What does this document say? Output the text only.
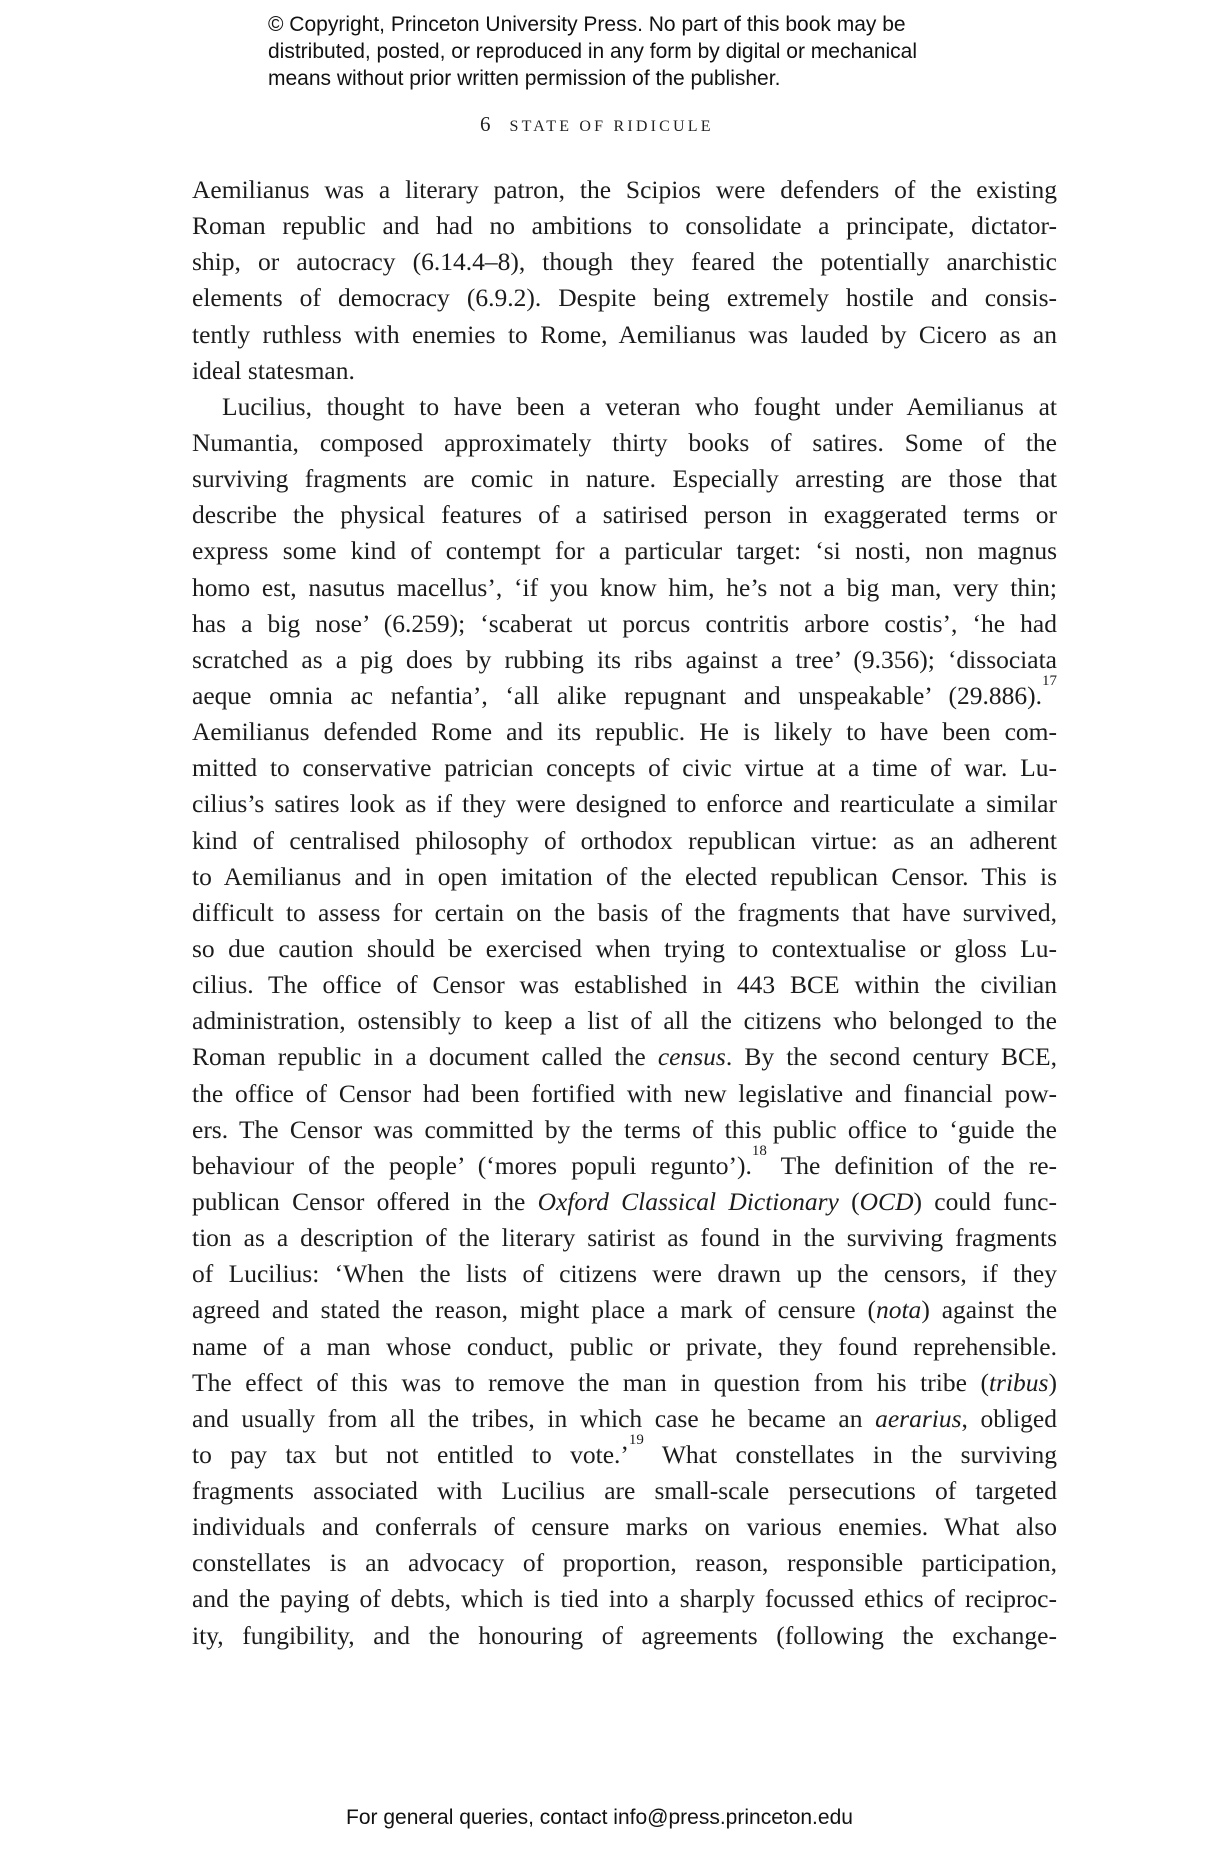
© Copyright, Princeton University Press. No part of this book may be
distributed, posted, or reproduced in any form by digital or mechanical
means without prior written permission of the publisher.
6 STATE OF RIDICULE
Aemilianus was a literary patron, the Scipios were defenders of the existing
Roman republic and had no ambitions to consolidate a principate, dictator-
ship, or autocracy (6.14.4–8), though they feared the potentially anarchistic
elements of democracy (6.9.2). Despite being extremely hostile and consis-
tently ruthless with enemies to Rome, Aemilianus was lauded by Cicero as an
ideal statesman.
Lucilius, thought to have been a veteran who fought under Aemilianus at
Numantia, composed approximately thirty books of satires. Some of the
surviving fragments are comic in nature. Especially arresting are those that
describe the physical features of a satirised person in exaggerated terms or
express some kind of contempt for a particular target: ‘si nosti, non magnus
homo est, nasutus macellus’, ‘if you know him, he’s not a big man, very thin;
has a big nose’ (6.259); ‘scaberat ut porcus contritis arbore costis’, ‘he had
scratched as a pig does by rubbing its ribs against a tree’ (9.356); ‘dissociata
aeque omnia ac nefantia’, ‘all alike repugnant and unspeakable’ (29.886).$^{17}$
Aemilianus defended Rome and its republic. He is likely to have been com-
mitted to conservative patrician concepts of civic virtue at a time of war. Lu-
cilius’s satires look as if they were designed to enforce and rearticulate a similar
kind of centralised philosophy of orthodox republican virtue: as an adherent
to Aemilianus and in open imitation of the elected republican Censor. This is
difficult to assess for certain on the basis of the fragments that have survived,
so due caution should be exercised when trying to contextualise or gloss Lu-
cilius. The office of Censor was established in 443 BCE within the civilian
administration, ostensibly to keep a list of all the citizens who belonged to the
Roman republic in a document called the census. By the second century BCE,
the office of Censor had been fortified with new legislative and financial pow-
ers. The Censor was committed by the terms of this public office to ‘guide the
behaviour of the people’ (‘mores populi regunto’).$^{18}$ The definition of the re-
publican Censor offered in the Oxford Classical Dictionary (OCD) could func-
tion as a description of the literary satirist as found in the surviving fragments
of Lucilius: ‘When the lists of citizens were drawn up the censors, if they
agreed and stated the reason, might place a mark of censure (nota) against the
name of a man whose conduct, public or private, they found reprehensible.
The effect of this was to remove the man in question from his tribe (tribus)
and usually from all the tribes, in which case he became an aerarius, obliged
to pay tax but not entitled to vote.’$^{19}$ What constellates in the surviving
fragments associated with Lucilius are small-scale persecutions of targeted
individuals and conferrals of censure marks on various enemies. What also
constellates is an advocacy of proportion, reason, responsible participation,
and the paying of debts, which is tied into a sharply focussed ethics of reciproc-
ity, fungibility, and the honouring of agreements (following the exchange-
For general queries, contact info@press.princeton.edu
